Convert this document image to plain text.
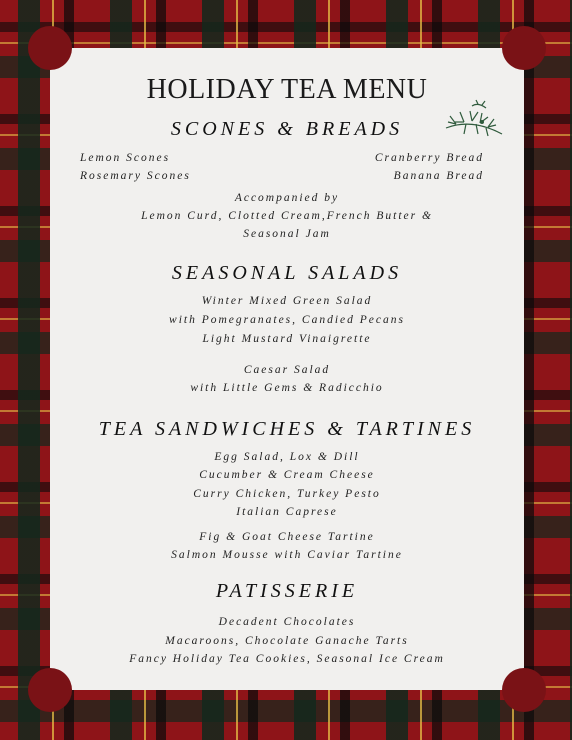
HOLIDAY TEA MENU
SCONES & BREADS
Lemon Scones
Rosemary Scones
Cranberry Bread
Banana Bread
Accompanied by
Lemon Curd, Clotted Cream,French Butter &
Seasonal Jam
SEASONAL SALADS
Winter Mixed Green Salad
with Pomegranates, Candied Pecans
Light Mustard Vinaigrette
Caesar Salad
with Little Gems & Radicchio
TEA SANDWICHES & TARTINES
Egg Salad, Lox & Dill
Cucumber & Cream Cheese
Curry Chicken, Turkey Pesto
Italian Caprese
Fig & Goat Cheese Tartine
Salmon Mousse with Caviar Tartine
PATISSERIE
Decadent Chocolates
Macaroons, Chocolate Ganache Tarts
Fancy Holiday Tea Cookies, Seasonal Ice Cream
